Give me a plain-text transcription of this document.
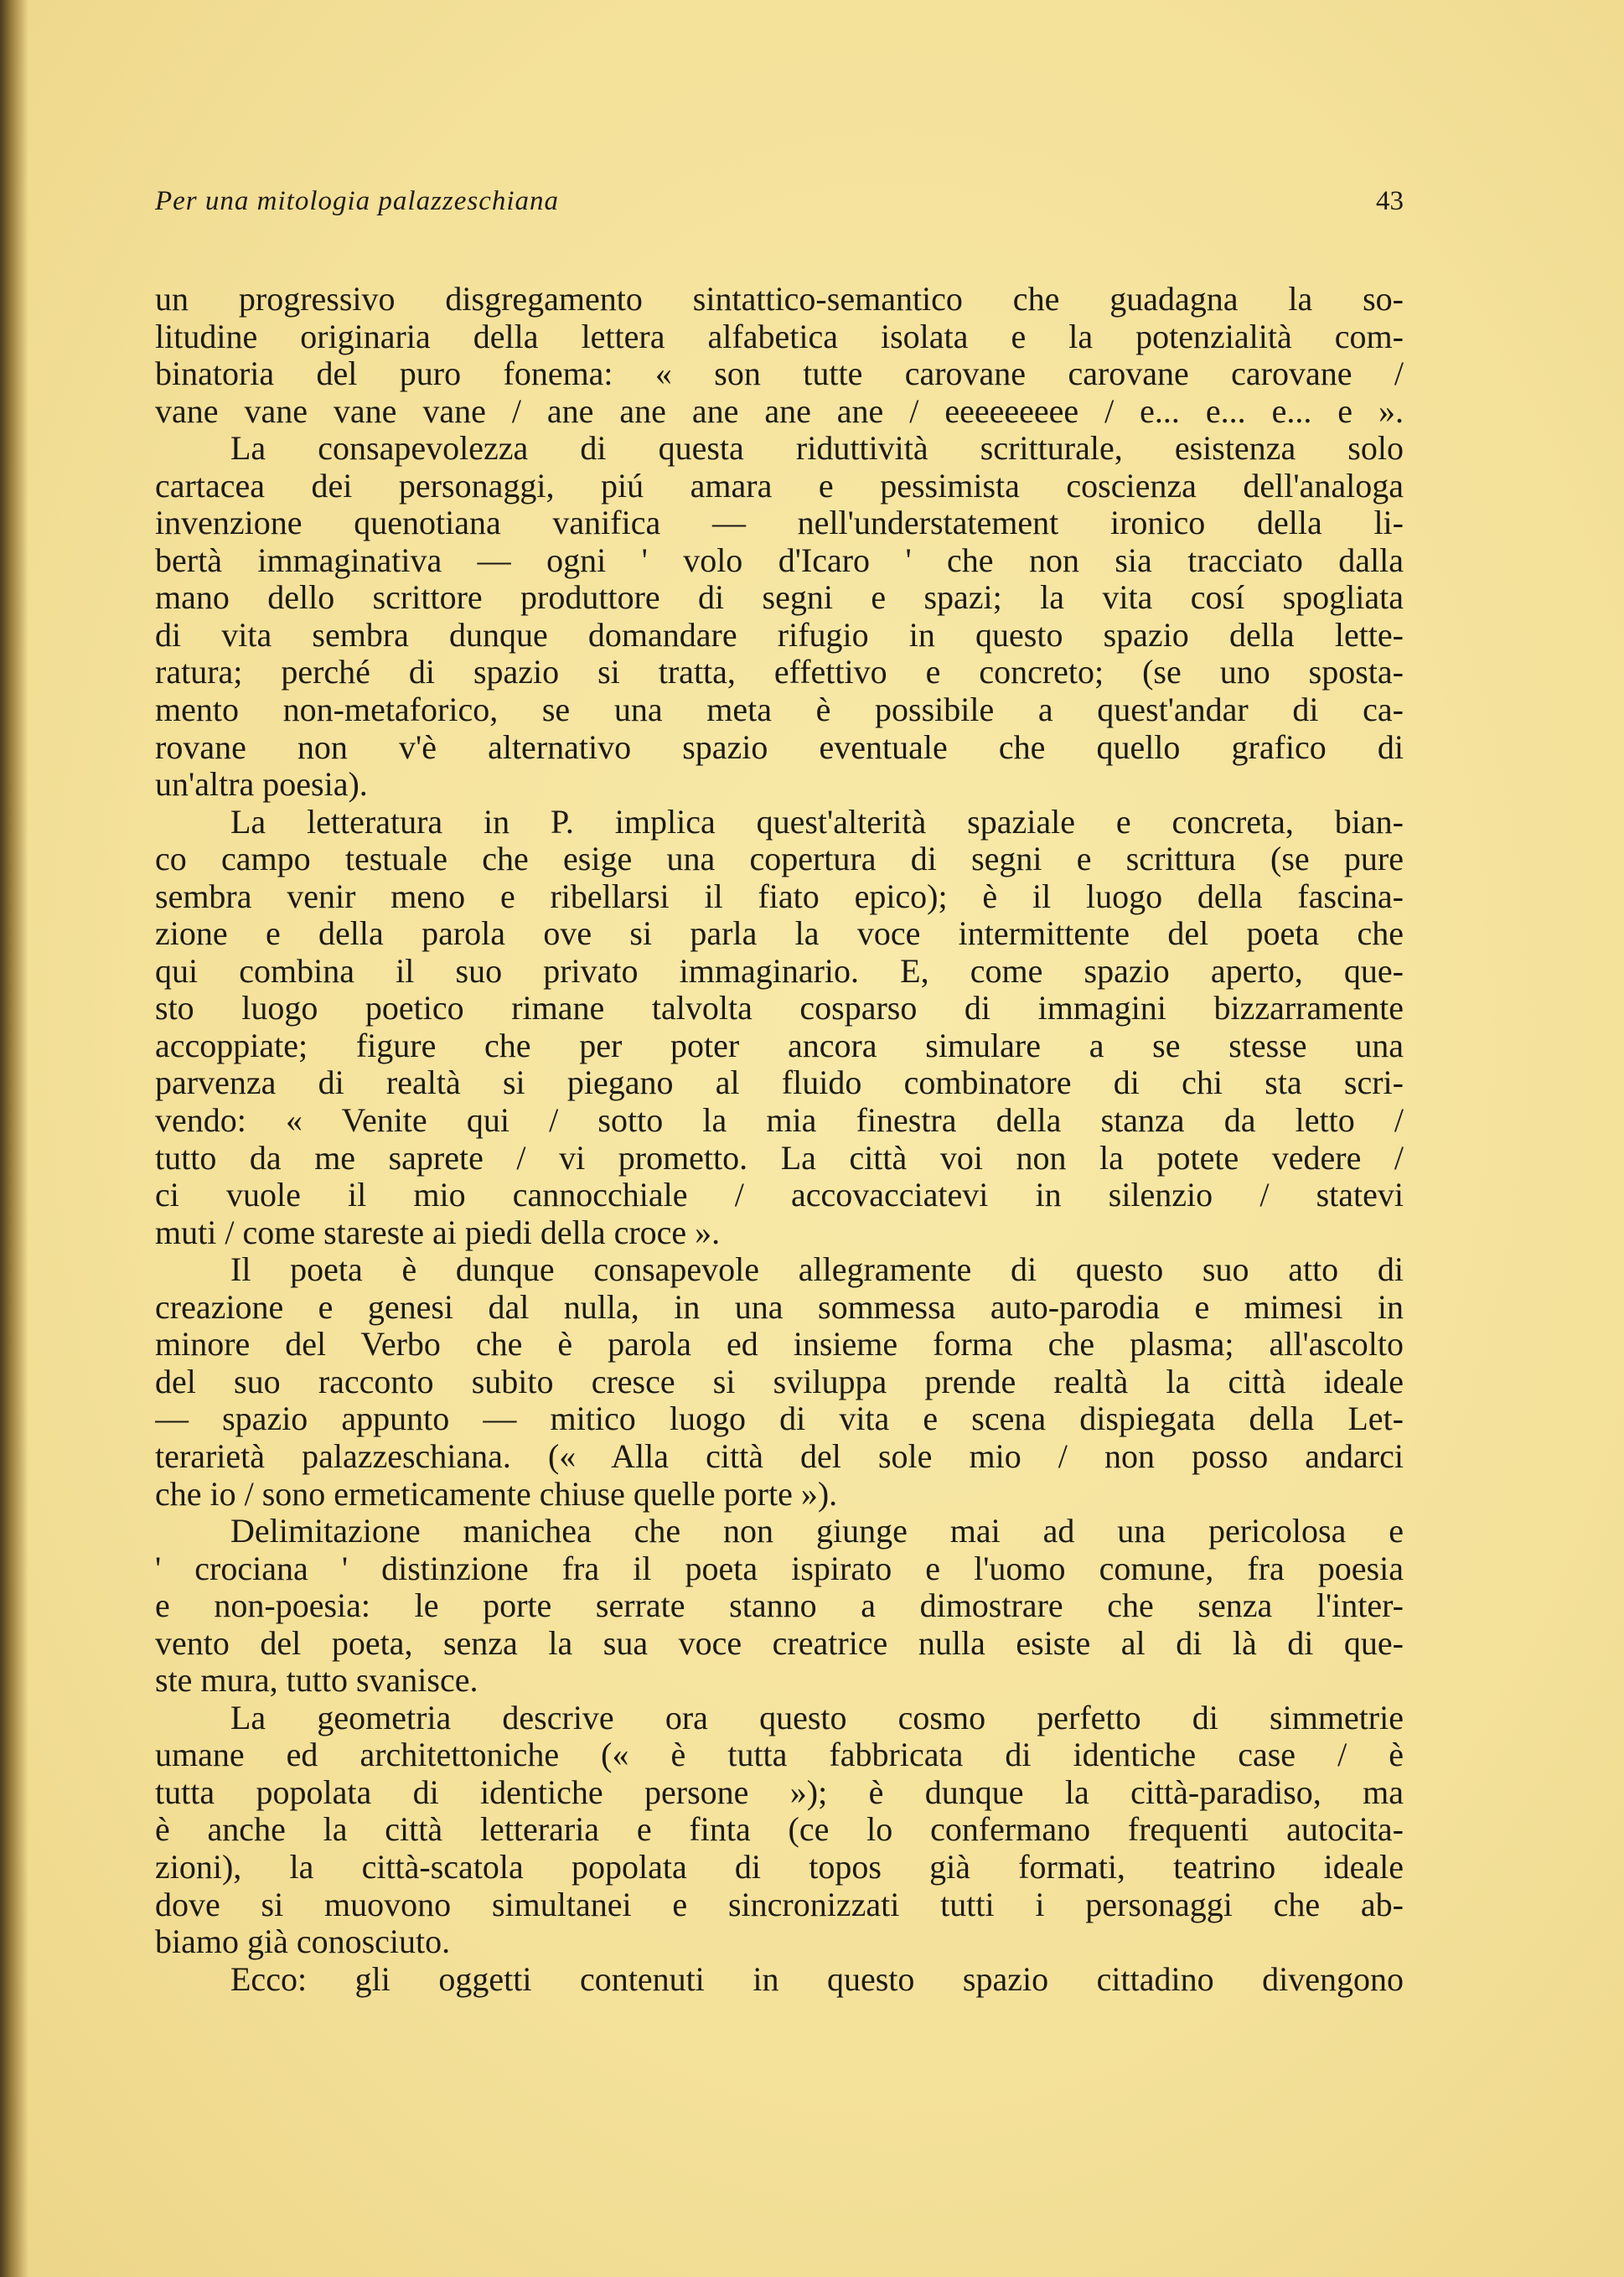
Per una mitologia palazzeschiana	43
un progressivo disgregamento sintattico-semantico che guadagna la so-
litudine originaria della lettera alfabetica isolata e la potenzialità com-
binatoria del puro fonema: « son tutte carovane carovane carovane /
vane vane vane vane / ane ane ane ane ane / eeeeeeeee / e... e... e... e ».
La consapevolezza di questa riduttività scritturale, esistenza solo
cartacea dei personaggi, piú amara e pessimista coscienza dell'analoga
invenzione quenotiana vanifica — nell'understatement ironico della li-
bertà immaginativa — ogni ' volo d'Icaro ' che non sia tracciato dalla
mano dello scrittore produttore di segni e spazi; la vita cosí spogliata
di vita sembra dunque domandare rifugio in questo spazio della lette-
ratura; perché di spazio si tratta, effettivo e concreto; (se uno sposta-
mento non-metaforico, se una meta è possibile a quest'andar di ca-
rovane non v'è alternativo spazio eventuale che quello grafico di
un'altra poesia).
La letteratura in P. implica quest'alterità spaziale e concreta, bian-
co campo testuale che esige una copertura di segni e scrittura (se pure
sembra venir meno e ribellarsi il fiato epico); è il luogo della fascina-
zione e della parola ove si parla la voce intermittente del poeta che
qui combina il suo privato immaginario. E, come spazio aperto, que-
sto luogo poetico rimane talvolta cosparso di immagini bizzarramente
accoppiate; figure che per poter ancora simulare a se stesse una
parvenza di realtà si piegano al fluido combinatore di chi sta scri-
vendo: « Venite qui / sotto la mia finestra della stanza da letto /
tutto da me saprete / vi prometto. La città voi non la potete vedere /
ci vuole il mio cannocchiale / accovacciatevi in silenzio / statevi
muti / come stareste ai piedi della croce ».
Il poeta è dunque consapevole allegramente di questo suo atto di
creazione e genesi dal nulla, in una sommessa auto-parodia e mimesi in
minore del Verbo che è parola ed insieme forma che plasma; all'ascolto
del suo racconto subito cresce si sviluppa prende realtà la città ideale
— spazio appunto — mitico luogo di vita e scena dispiegata della Let-
terarietà palazzeschiana. (« Alla città del sole mio / non posso andarci
che io / sono ermeticamente chiuse quelle porte »).
Delimitazione manichea che non giunge mai ad una pericolosa e
' crociana ' distinzione fra il poeta ispirato e l'uomo comune, fra poesia
e non-poesia: le porte serrate stanno a dimostrare che senza l'inter-
vento del poeta, senza la sua voce creatrice nulla esiste al di là di que-
ste mura, tutto svanisce.
La geometria descrive ora questo cosmo perfetto di simmetrie
umane ed architettoniche (« è tutta fabbricata di identiche case / è
tutta popolata di identiche persone »); è dunque la città-paradiso, ma
è anche la città letteraria e finta (ce lo confermano frequenti autocita-
zioni), la città-scatola popolata di topos già formati, teatrino ideale
dove si muovono simultanei e sincronizzati tutti i personaggi che ab-
biamo già conosciuto.
Ecco: gli oggetti contenuti in questo spazio cittadino divengono
